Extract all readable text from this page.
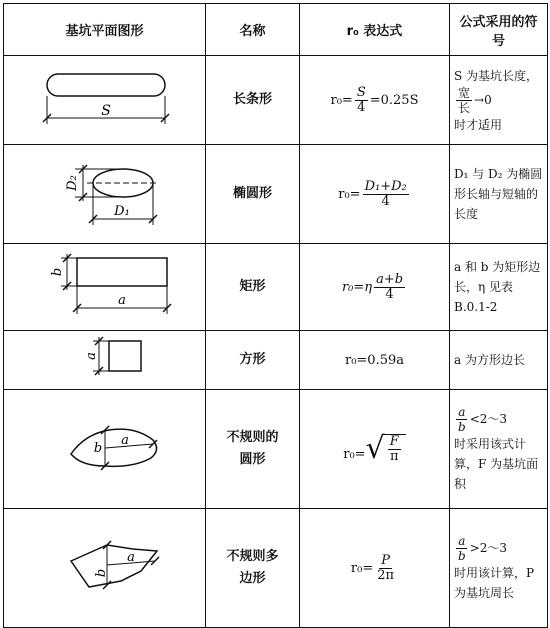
基坑平面图形	名称	r₀ 表达式	公式采用的符号

S	长条形	$r_0= \frac{S}{4} =0.25S$	S 为基坑长度，
$\frac{\text{宽}}{\text{长}} \to 0$
时才适用

D₂
D₁	椭圆形	$r_0= \frac{\text{D₁+D₂}}{4}$	D₁ 与 D₂ 为椭圆形长轴与短轴的长度

b
a	矩形	$r_0=\eta \frac{a+b}{4}$	a 和 b 为矩形边长，η 见表 B.0.1-2

a	方形	r₀=0.59a	a 为方形边长

b
a	不规则的
圆形	r₀= √ $\frac{F}{\pi}$	$\frac{a}{b}$ <2～3
时采用该式计算，F 为基坑面积

b
a	不规则多
边形	$r_0= \frac{P}{2\pi}$	$\frac{a}{b}$ >2～3
时用该计算，P 为基坑周长
